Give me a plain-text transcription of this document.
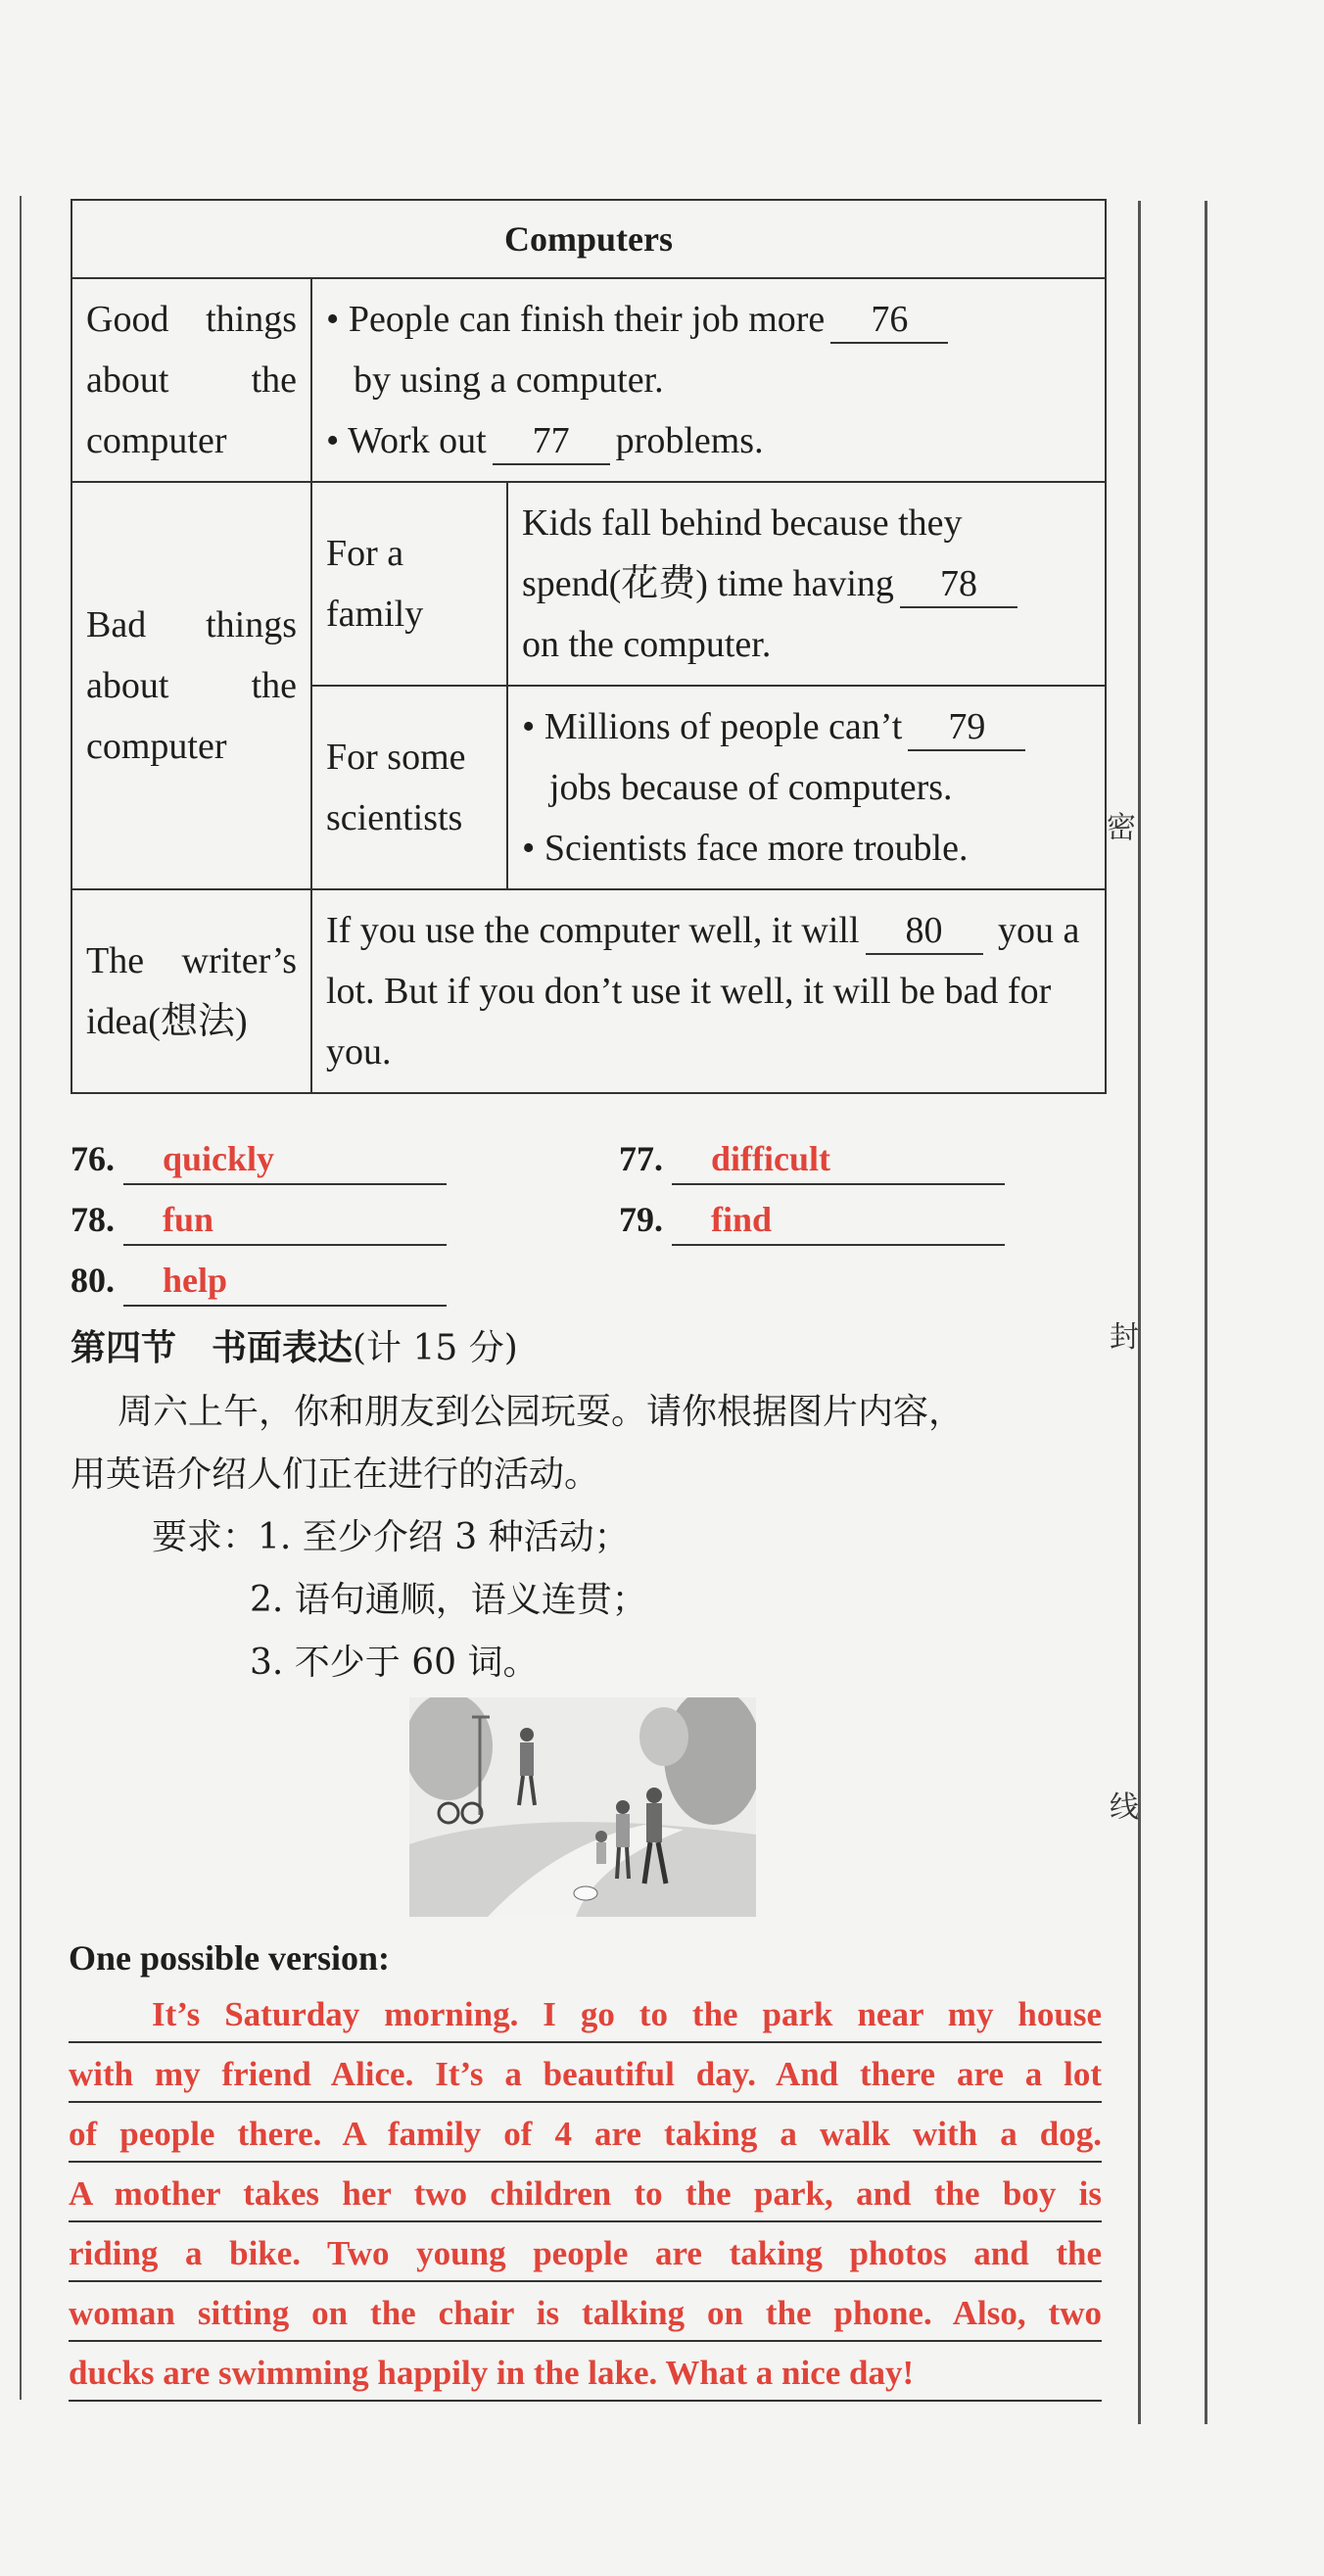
密
封
线
Computers		
Good things about the computer	• People can finish their job more 76
by using a computer.
• Work out 77 problems.

Bad things about the computer	For a family	Kids fall behind because they spend(花费) time having 78
on the computer.

	For some scientists	• Millions of people can’t 79
jobs because of computers.
• Scientists face more trouble.

The writer’s idea(想法)	If you use the computer well, it will 80 you a lot. But if you don’t use it well, it will be bad for you.	
76. quickly	77. difficult
78. fun	79. find
80. help
第四节　书面表达(计 15 分)
周六上午，你和朋友到公园玩耍。请你根据图片内容，
用英语介绍人们正在进行的活动。
要求：1. 至少介绍 3 种活动；
2. 语句通顺，语义连贯；
3. 不少于 60 词。
One possible version:
It’s Saturday morning. I go to the park near my house
with my friend Alice. It’s a beautiful day. And there are a lot
of people there. A family of 4 are taking a walk with a dog.
A mother takes her two children to the park, and the boy is
riding a bike. Two young people are taking photos and the
woman sitting on the chair is talking on the phone. Also, two
ducks are swimming happily in the lake. What a nice day!
